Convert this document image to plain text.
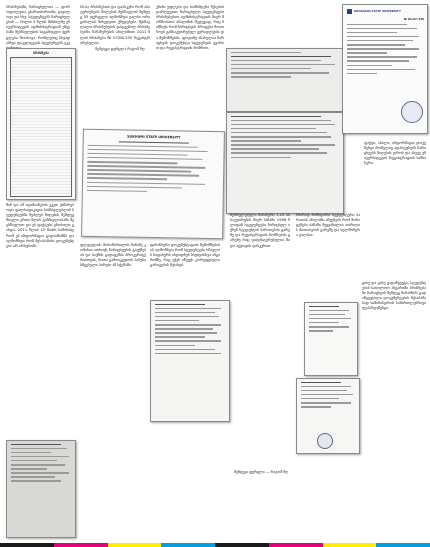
ბრძანებაში, ჩარიცხულთა — ფოროფოლეთა, ცხანათხარიანი, ტაყილოვი და სხვ. სტუდენტებს ჩარიცხულების — ბოლო 5 წლის მანძილზე უნივერსიტეტის ადმინისტრაციამ უწყებაში შესწავლების საგამოცდო ფურცლები მოიპოვა, რომლებიც სხვადასხვა ფაკულტეტის სტუდენტებს ეკუ
ბრძანება
სს-სა ბრძანებით და დაასკვნა რომ აბიტურიენტის წილების შესწავლის შემდეგ 55 ფურცელი აღმოჩნდა ყალბი ორიგინალის მიხედვით ქმედებები შესწავლილი ბრძანებების დადგენილ ბრძანებებში. ჩანაწერების ანალიზით: 2011 წლის ბრძანება № 07/06-335 რეგისტრირებულია.
შემდეგი ფურცლა რატომ ზღ
ეჩინა უფლება და თანხმდენა წესების დარღვევით ჩარიცხული სტუდენტები ბრძანებებით ადმინისტრაციის მიერ მოწმობათა ანალიზის შედეგად, რაც ნიშნავს რომ ჩარიცხვის პროცესი მოითხოვს განსაკუთრებულ ყურადღებას და შემოწმებას. ფოტოზე ასახულია ჩარიცხვის დოკუმენტი სტუდენტის გვარით და რეგისტრაციის ნომრით.
SOKHUMI STATE UNIVERSITY
GEORGIAN STATE UNIVERSITY
№ 01-07-445
შინ და ამ ადამიანების უკეთ ეხმარებოდა ფალსიფიკაცია სასწავლებლის სტუდენტებმა შეძლეს მიღების შემდეგ მთელი ერთი წლის განმავლობაში შეესწავლათ და ეს ფაქტები ცნობილი გახდა. 2011 წლის 13 მაისს სამინისტრომ ეს ინფორმაცია გადაამოწმა და აღმოჩნდა რომ შესაბამისი დოკუმენტები არ არსებობს.	ფლუტულის მოსამართლის წინაშე კომისია ითხოვს ჩარიცხვების გაუქმებას და საქმის გადაცემას პროკურატურისთვის, რათა გამოიკვეთოს პასუხისმგებელი პირები ამ სქემაში.
ფინანსური დოკუმენტაციის შემოწმებისას აღმოჩნდა რომ სტუდენტები სწავლის საფასურს იხდიდნენ სხვადასხვა ანგარიშზე, რაც ეჭვს იწვევს კორუფციული გარიგების შესახებ.
შესრულებული ჩანაწერი 1.25 ბს საკუთრების მიერ ბაზაში 1998 წლიდან სტუდენტები ჩარიცხულ იქნენ სტუდენტის ბარათების გარეშე და რეგისტრაციის ნომრების გარეშე რაც დადასტურებულია შიდა აუდიტის დასკვნით.
ხშირად მომხდარი სტუდენტური ბარათის ანალიზი აჩვენებს რომ მონაცემები ბაზაში შეყვანილია თარიღის მითითების გარეშე და ხელმოწერა ყალბია.
ფაქტი, ახალი, ინფორმაცია დოკუმენტი რომელიც ადასტურებს ჩარიცხვებს მიღების დროს და ასევე უნივერსიტეტის რეგისტრაციის სამსახური.
ციხე და ციხე გადაწყვეტა, სტუდენტების საბოლოო ანგარიში ბრძანებაში ჩარიცხვის შემდეგ წინასწარ გადაწყვეტილი დოკუმენტების შესაბამისად სამინისტროს სამართლებრივი დეპარტამენტი.
შემდეგი ფურცლა — რატომ ზღ
